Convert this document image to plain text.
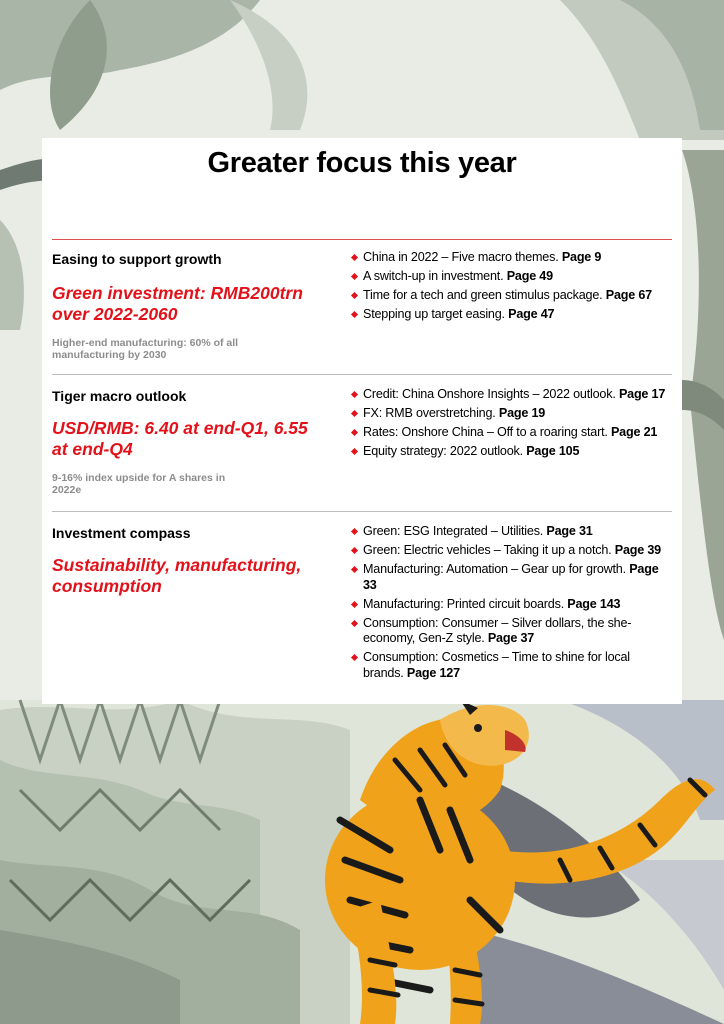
Greater focus this year
Easing to support growth
Green investment: RMB200trn over 2022-2060
Higher-end manufacturing: 60% of all manufacturing by 2030
China in 2022 – Five macro themes. Page 9
A switch-up in investment. Page 49
Time for a tech and green stimulus package. Page 67
Stepping up target easing. Page 47
Tiger macro outlook
USD/RMB: 6.40 at end-Q1, 6.55 at end-Q4
9-16% index upside for A shares in 2022e
Credit: China Onshore Insights – 2022 outlook. Page 17
FX: RMB overstretching. Page 19
Rates: Onshore China – Off to a roaring start. Page 21
Equity strategy: 2022 outlook. Page 105
Investment compass
Sustainability, manufacturing, consumption
Green: ESG Integrated – Utilities. Page 31
Green: Electric vehicles – Taking it up a notch. Page 39
Manufacturing: Automation – Gear up for growth. Page 33
Manufacturing: Printed circuit boards. Page 143
Consumption: Consumer – Silver dollars, the she-economy, Gen-Z style. Page 37
Consumption: Cosmetics – Time to shine for local brands. Page 127
